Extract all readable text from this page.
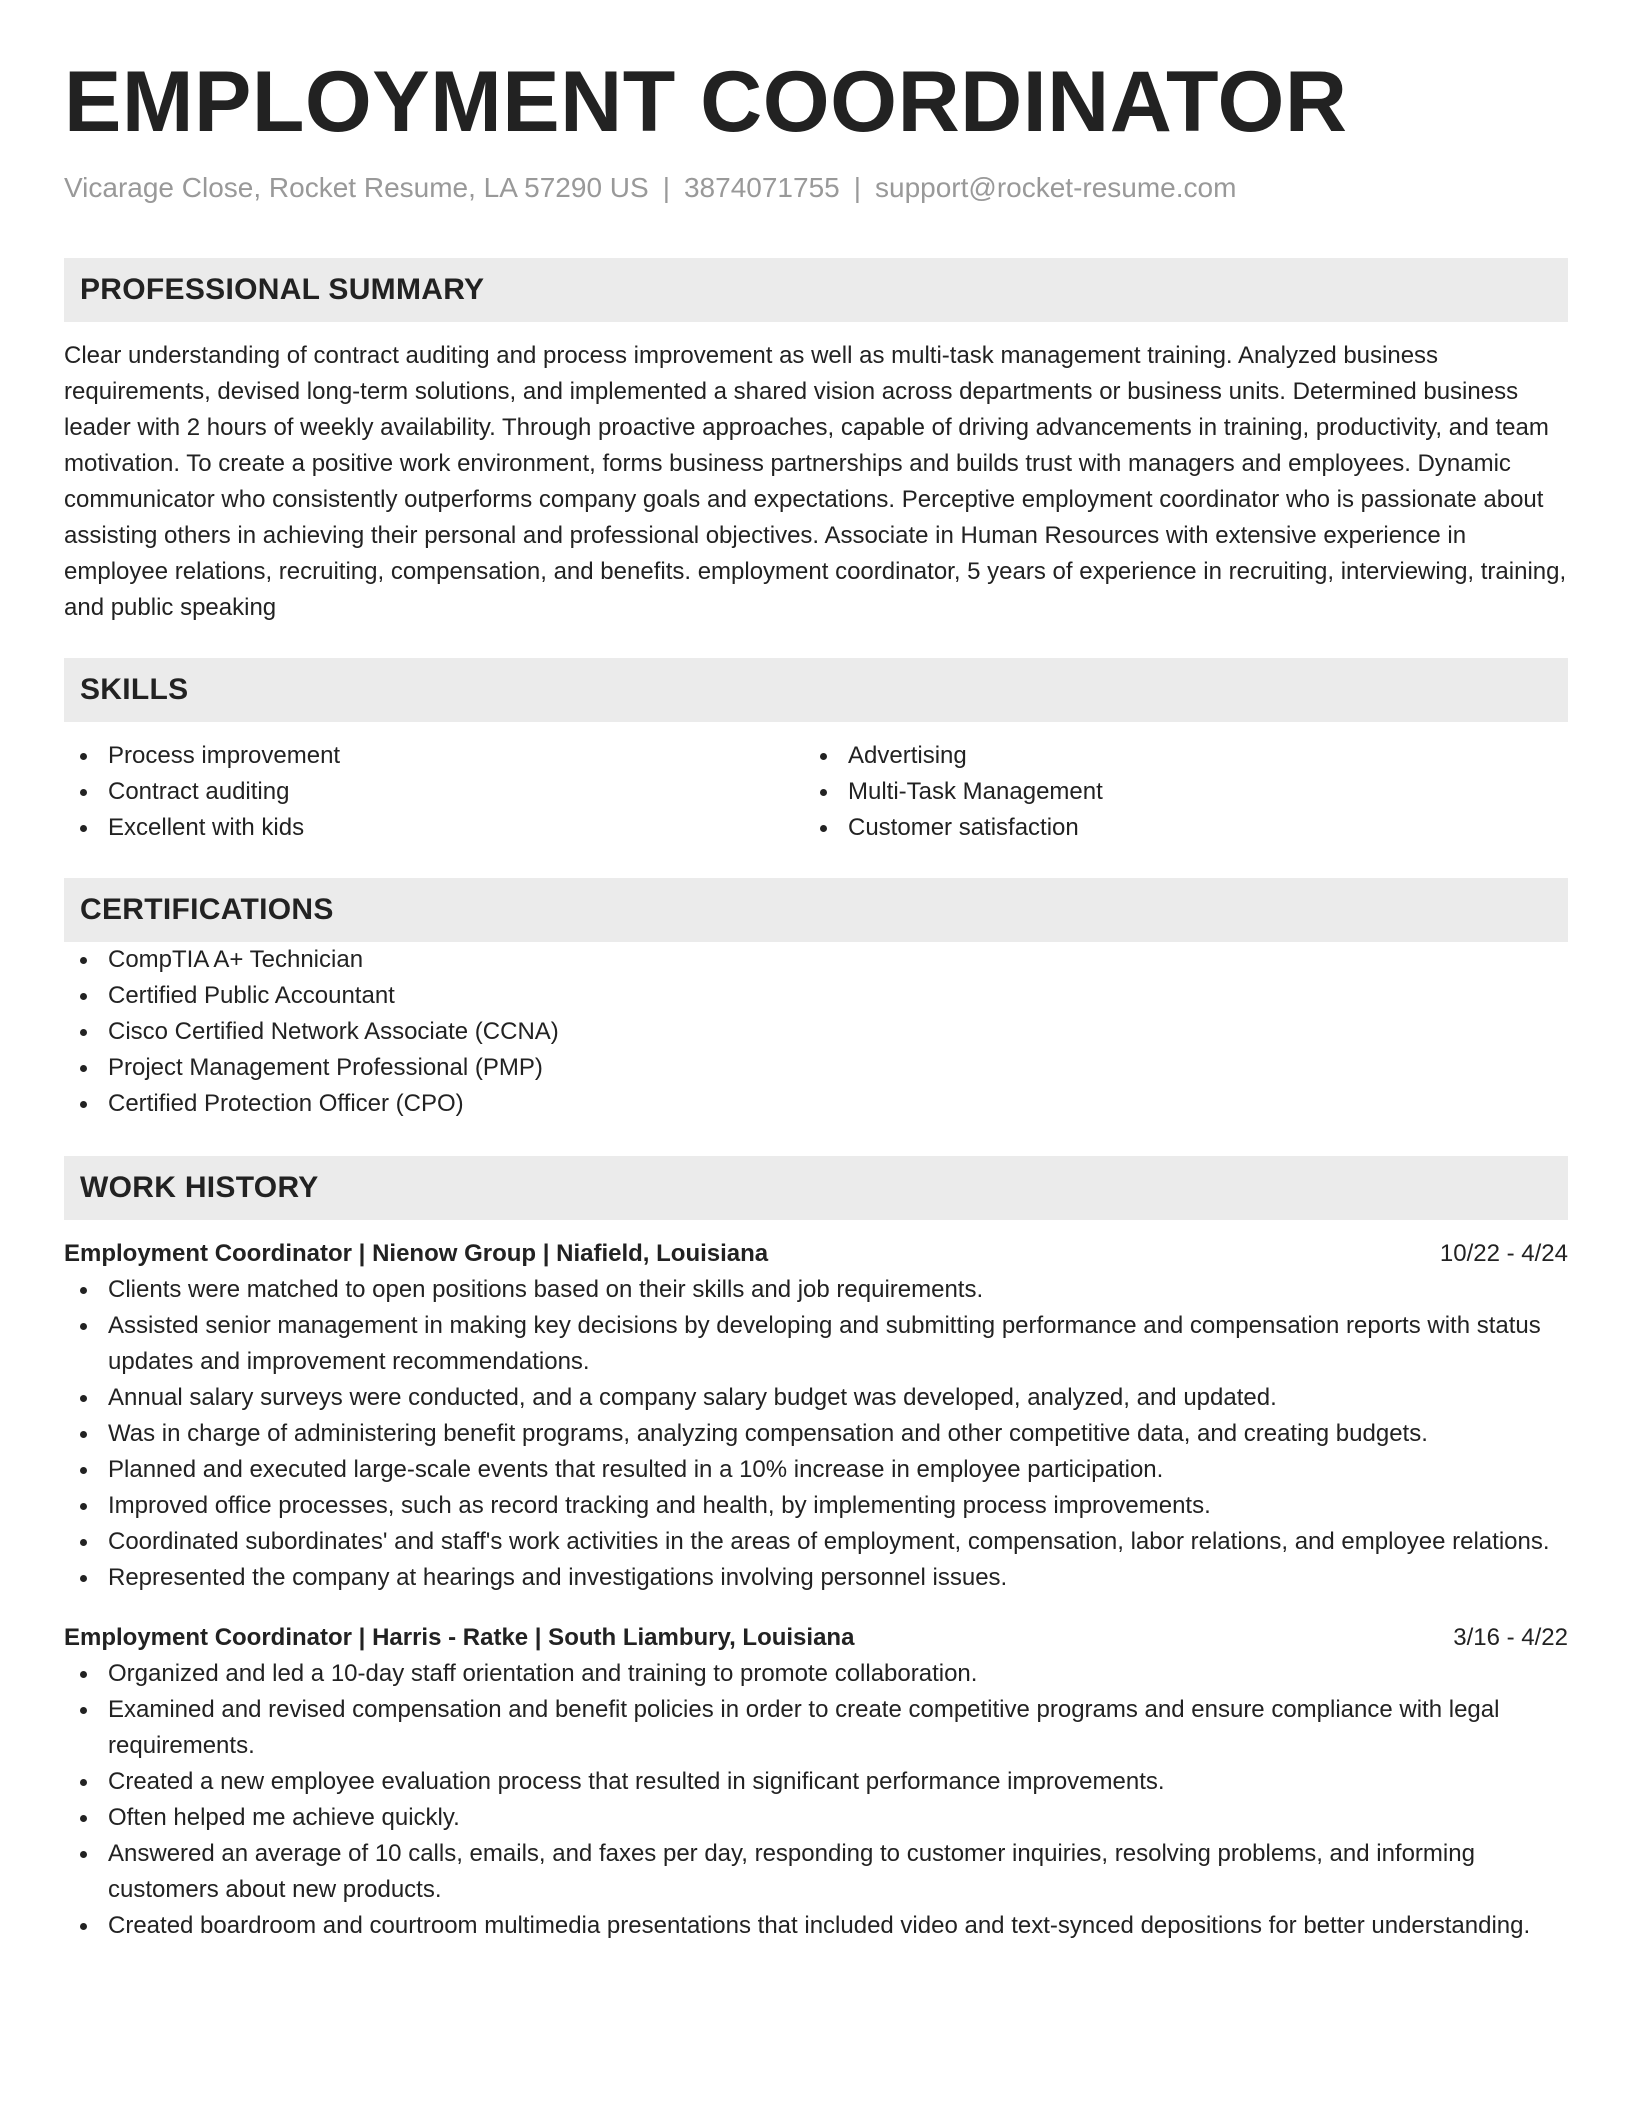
EMPLOYMENT COORDINATOR
Vicarage Close, Rocket Resume, LA 57290 US | 3874071755 | support@rocket-resume.com
PROFESSIONAL SUMMARY
Clear understanding of contract auditing and process improvement as well as multi-task management training. Analyzed business requirements, devised long-term solutions, and implemented a shared vision across departments or business units. Determined business leader with 2 hours of weekly availability. Through proactive approaches, capable of driving advancements in training, productivity, and team motivation. To create a positive work environment, forms business partnerships and builds trust with managers and employees. Dynamic communicator who consistently outperforms company goals and expectations. Perceptive employment coordinator who is passionate about assisting others in achieving their personal and professional objectives. Associate in Human Resources with extensive experience in employee relations, recruiting, compensation, and benefits. employment coordinator, 5 years of experience in recruiting, interviewing, training, and public speaking
SKILLS
Process improvement
Contract auditing
Excellent with kids
Advertising
Multi-Task Management
Customer satisfaction
CERTIFICATIONS
CompTIA A+ Technician
Certified Public Accountant
Cisco Certified Network Associate (CCNA)
Project Management Professional (PMP)
Certified Protection Officer (CPO)
WORK HISTORY
Employment Coordinator | Nienow Group | Niafield, Louisiana	10/22 - 4/24
Clients were matched to open positions based on their skills and job requirements.
Assisted senior management in making key decisions by developing and submitting performance and compensation reports with status updates and improvement recommendations.
Annual salary surveys were conducted, and a company salary budget was developed, analyzed, and updated.
Was in charge of administering benefit programs, analyzing compensation and other competitive data, and creating budgets.
Planned and executed large-scale events that resulted in a 10% increase in employee participation.
Improved office processes, such as record tracking and health, by implementing process improvements.
Coordinated subordinates' and staff's work activities in the areas of employment, compensation, labor relations, and employee relations.
Represented the company at hearings and investigations involving personnel issues.
Employment Coordinator | Harris - Ratke | South Liambury, Louisiana	3/16 - 4/22
Organized and led a 10-day staff orientation and training to promote collaboration.
Examined and revised compensation and benefit policies in order to create competitive programs and ensure compliance with legal requirements.
Created a new employee evaluation process that resulted in significant performance improvements.
Often helped me achieve quickly.
Answered an average of 10 calls, emails, and faxes per day, responding to customer inquiries, resolving problems, and informing customers about new products.
Created boardroom and courtroom multimedia presentations that included video and text-synced depositions for better understanding.
